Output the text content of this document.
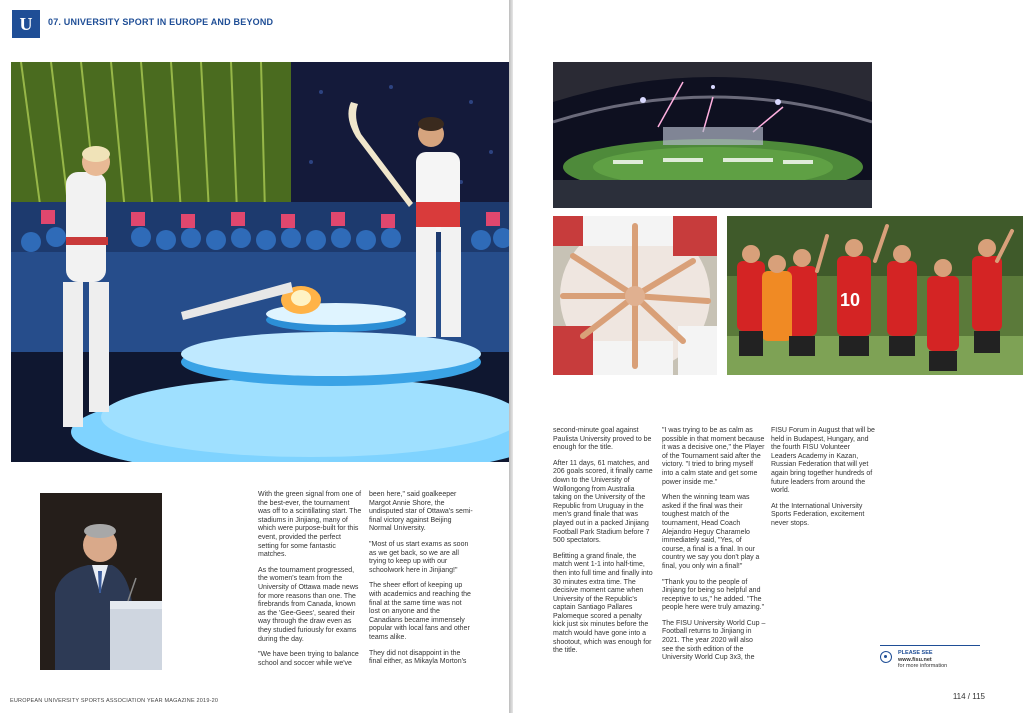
U	07. UNIVERSITY SPORT IN EUROPE AND BEYOND

With the green signal from one of the best-ever, the tournament was off to a scintillating start. The stadiums in Jinjiang, many of which were purpose-built for this event, provided the perfect setting for some fantastic matches.

As the tournament progressed, the women's team from the University of Ottawa made news for more reasons than one. The firebrands from Canada, known as the 'Gee-Gees', seared their way through the draw even as they studied furiously for exams during the day.

"We have been trying to balance school and soccer while we've

been here," said goalkeeper Margot Annie Shore, the undisputed star of Ottawa's semi-final victory against Beijing Normal University.

"Most of us start exams as soon as we get back, so we are all trying to keep up with our schoolwork here in Jinjiang!"

The sheer effort of keeping up with academics and reaching the final at the same time was not lost on anyone and the Canadians became immensely popular with local fans and other teams alike.

They did not disappoint in the final either, as Mikayla Morton's

EUROPEAN UNIVERSITY SPORTS ASSOCIATION YEAR MAGAZINE 2019-20
10

second-minute goal against Paulista University proved to be enough for the title.

After 11 days, 61 matches, and 206 goals scored, it finally came down to the University of Wollongong from Australia taking on the University of the Republic from Uruguay in the men's grand finale that was played out in a packed Jinjiang Football Park Stadium before 7 500 spectators.

Befitting a grand finale, the match went 1-1 into half-time, then into full time and finally into 30 minutes extra time. The decisive moment came when University of the Republic's captain Santiago Pallares Palomeque scored a penalty kick just six minutes before the match would have gone into a shootout, which was enough for the title.

"I was trying to be as calm as possible in that moment because it was a decisive one," the Player of the Tournament said after the victory. "I tried to bring myself into a calm state and get some power inside me."

When the winning team was asked if the final was their toughest match of the tournament, Head Coach Alejandro Heguy Charamelo immediately said, "Yes, of course, a final is a final. In our country we say you don't play a final, you only win a final!"

"Thank you to the people of Jinjiang for being so helpful and receptive to us," he added. "The people here were truly amazing."

The FISU University World Cup – Football returns to Jinjiang in 2021. The year 2020 will also see the sixth edition of the University World Cup 3x3, the

FISU Forum in August that will be held in Budapest, Hungary, and the fourth FISU Volunteer Leaders Academy in Kazan, Russian Federation that will yet again bring together hundreds of future leaders from around the world.

At the International University Sports Federation, excitement never stops.

PLEASE SEE
www.fisu.net
for more information
114 / 115
